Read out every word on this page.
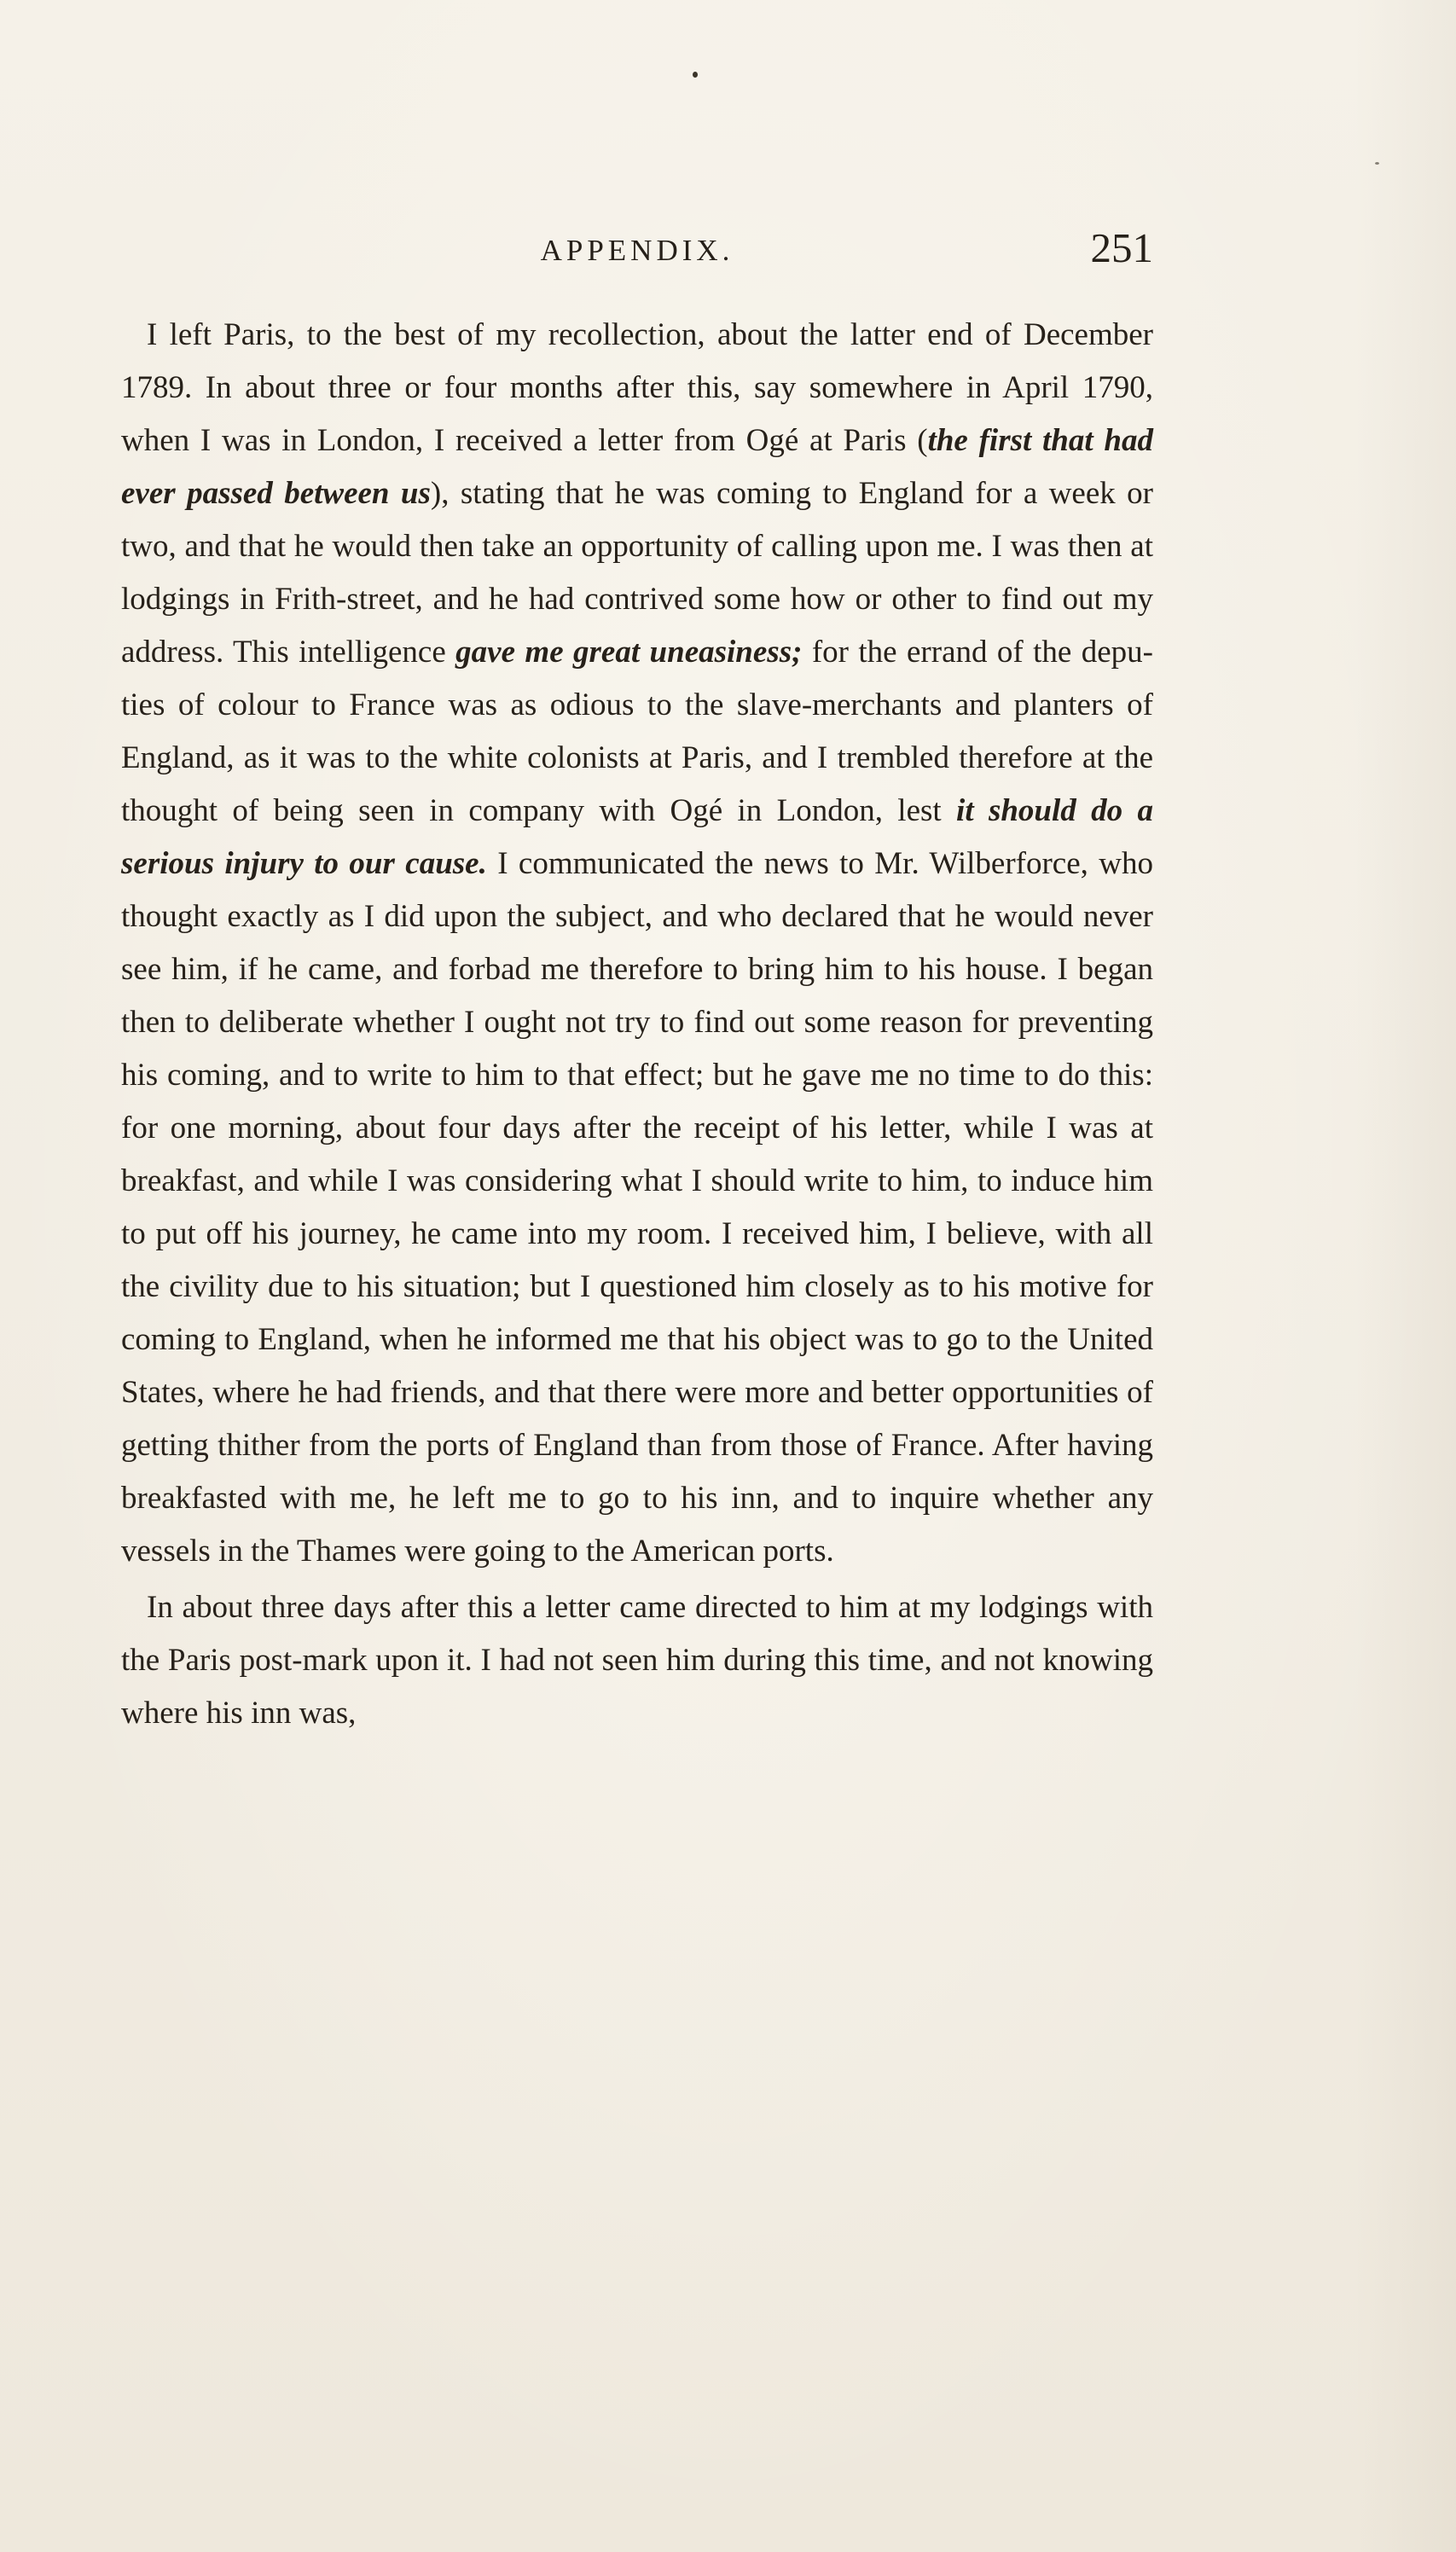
APPENDIX.	251

I left Paris, to the best of my recollection, about the latter end of December 1789. In about three or four months after this, say somewhere in April 1790, when I was in London, I received a letter from Ogé at Paris (the first that had ever passed between us), stating that he was coming to England for a week or two, and that he would then take an opportunity of calling upon me. I was then at lodgings in Frith-street, and he had contrived some how or other to find out my address. This intelligence gave me great uneasiness; for the errand of the deputies of colour to France was as odious to the slave-merchants and planters of England, as it was to the white colonists at Paris, and I trembled therefore at the thought of being seen in company with Ogé in London, lest it should do a serious injury to our cause. I communicated the news to Mr. Wilberforce, who thought exactly as I did upon the subject, and who declared that he would never see him, if he came, and forbad me therefore to bring him to his house. I began then to deliberate whether I ought not try to find out some reason for preventing his coming, and to write to him to that effect; but he gave me no time to do this: for one morning, about four days after the receipt of his letter, while I was at breakfast, and while I was considering what I should write to him, to induce him to put off his journey, he came into my room. I received him, I believe, with all the civility due to his situation; but I questioned him closely as to his motive for coming to England, when he informed me that his object was to go to the United States, where he had friends, and that there were more and better opportunities of getting thither from the ports of England than from those of France. After having breakfasted with me, he left me to go to his inn, and to inquire whether any vessels in the Thames were going to the American ports.

In about three days after this a letter came directed to him at my lodgings with the Paris post-mark upon it. I had not seen him during this time, and not knowing where his inn was,
